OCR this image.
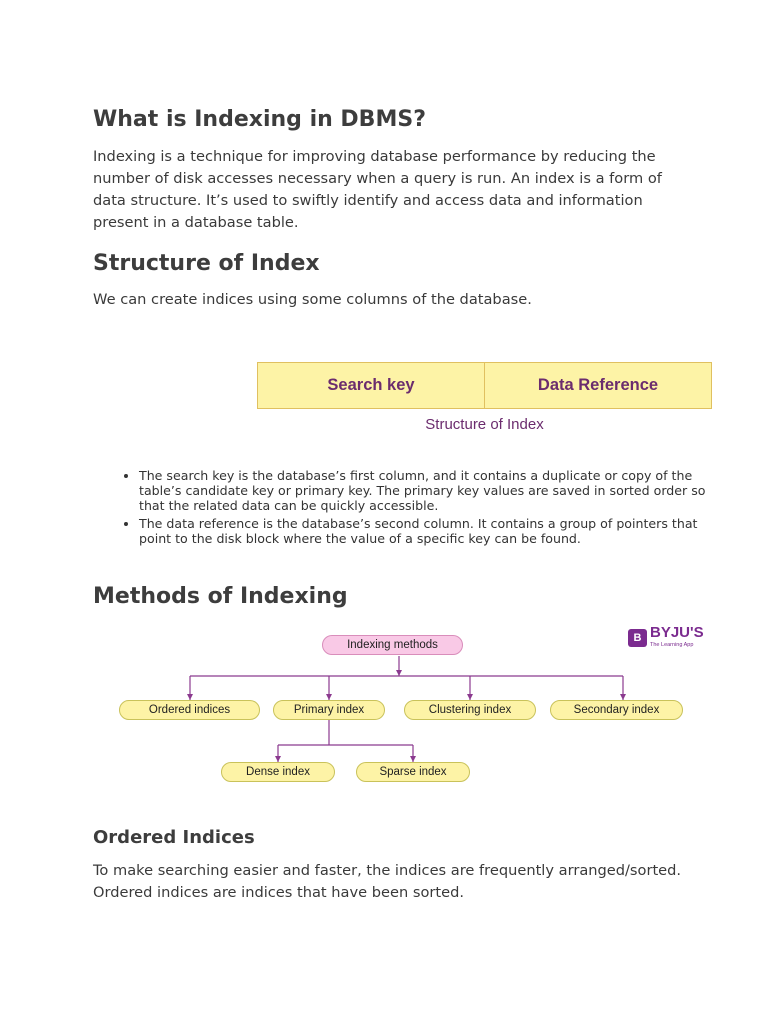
What is Indexing in DBMS?

Indexing is a technique for improving database performance by reducing the number of disk accesses necessary when a query is run. An index is a form of data structure. It’s used to swiftly identify and access data and information present in a database table.

Structure of Index

We can create indices using some columns of the database.

Search key	Data Reference
Structure of Index
• The search key is the database’s first column, and it contains a duplicate or copy of the table’s candidate key or primary key. The primary key values are saved in sorted order so that the related data can be quickly accessible.
• The data reference is the database’s second column. It contains a group of pointers that point to the disk block where the value of a specific key can be found.
Methods of Indexing
Indexing methods
Ordered indices	Primary index	Clustering index	Secondary index
Dense index	Sparse index
B BYJU'S
The Learning App
Ordered Indices

To make searching easier and faster, the indices are frequently arranged/sorted. Ordered indices are indices that have been sorted.
